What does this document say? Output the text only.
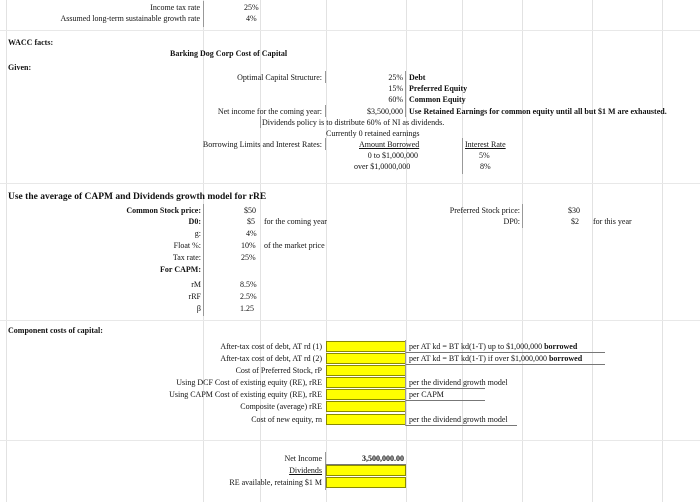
Income tax rate	25%
Assumed long-term sustainable growth rate	4%
WACC facts:
Barking Dog Corp Cost of Capital
Given:
Optimal Capital Structure:	25% Debt
15% Preferred Equity
60% Common Equity
Net income for the coming year:	$3,500,000 Use Retained Earnings for common equity until all but $1 M are exhausted.
Dividends policy is to distribute 60% of NI as dividends.
Currently 0 retained earnings
Borrowing Limits and Interest Rates:	Amount Borrowed	Interest Rate
0 to $1,000,000	5%
over $1,0000,000	8%
Use the average of CAPM and Dividends growth model for rRE
Common Stock price:	$50
D0:	$5 for the coming year
g:	4%
Float %:	10% of the market price
Tax rate:	25%
For CAPM:
rM	8.5%
rRF	2.5%
β	1.25
Preferred Stock price:	$30
DP0:	$2 for this year
Component costs of capital:
After-tax cost of debt, AT rd (1)	per AT kd = BT kd(1-T) up to $1,000,000 borrowed
After-tax cost of debt, AT rd (2)	per AT kd = BT kd(1-T) if over $1,000,000 borrowed
Cost of Preferred Stock, rP
Using DCF Cost of existing equity (RE), rRE	per the dividend growth model
Using CAPM Cost of existing equity (RE), rRE	per CAPM
Composite (average) rRE
Cost of new equity, rn	per the dividend growth model
Net Income	3,500,000.00
Dividends
RE available, retaining $1 M
